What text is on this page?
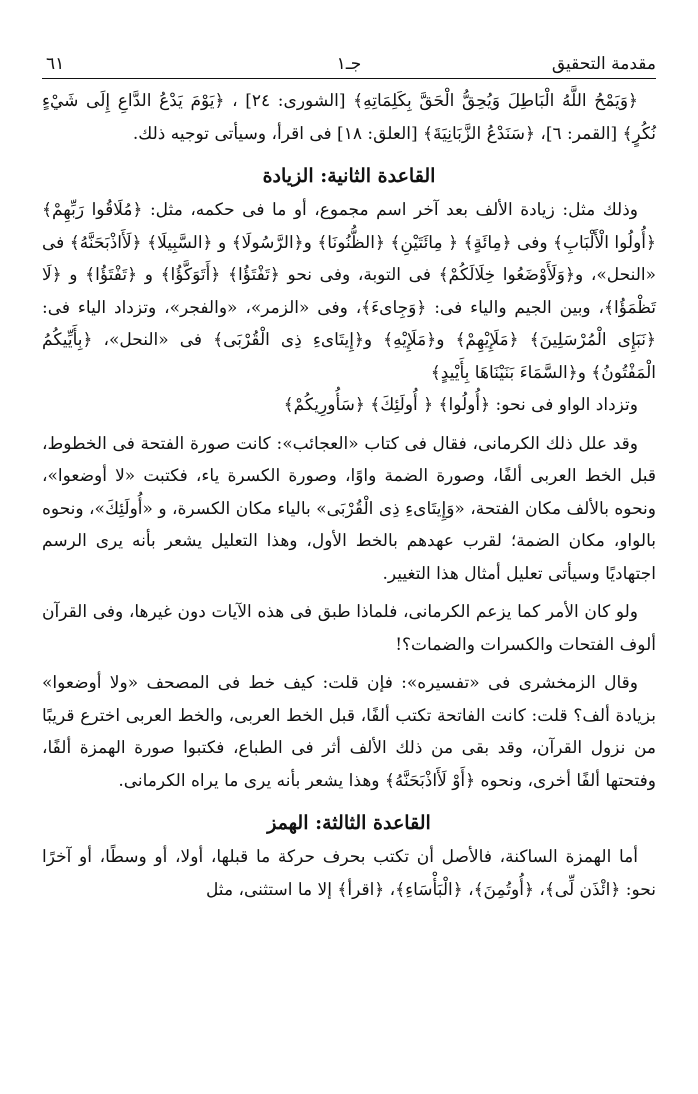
مقدمة التحقيق
جـ١
٦١

﴿وَيَمْحُ اللَّهُ الْبَاطِلَ وَيُحِقُّ الْحَقَّ بِكَلِمَاتِهِ﴾ [الشورى: ٢٤] ، ﴿يَوْمَ يَدْعُ الدَّاعِ إِلَى شَيْءٍ نُكُرٍ﴾ [القمر: ٦]، ﴿سَنَدْعُ الزَّبَانِيَةَ﴾ [العلق: ١٨] فى اقرأ، وسيأتى توجيه ذلك.

القاعدة الثانية: الزيادة

وذلك مثل: زيادة الألف بعد آخر اسم مجموع، أو ما فى حكمه، مثل: ﴿مُلَاقُوا رَبِّهِمْ﴾ ﴿أُولُوا الْأَلْبَابِ﴾ وفى ﴿مِائَةٍ﴾ ﴿ مِائَتَيْنِ﴾ ﴿الظُّنُونَا﴾ و﴿الرَّسُولَا﴾ و ﴿السَّبِيلَا﴾ ﴿لَأَاذْبَحَنَّهُ﴾ فى «النحل»، و﴿وَلَأَوْضَعُوا خِلَالَكُمْ﴾ فى التوبة، وفى نحو ﴿تَفْتَؤُا﴾ ﴿أَتَوَكَّؤُا﴾ و ﴿تَفْتَؤُا﴾ و ﴿لَا تَظْمَؤُا﴾، وبين الجيم والياء فى: ﴿وَجِاىءَ﴾، وفى «الزمر»، «والفجر»، وتزداد الياء فى: ﴿نَبَإِى الْمُرْسَلِينَ﴾ ﴿مَلَإِيْهِمْ﴾ و﴿مَلَإِيْهِ﴾ و﴿إِيتَاىءِ ذِى الْقُرْبَى﴾ فى «النحل»، ﴿بِأَيِّيكُمُ الْمَفْتُونُ﴾ و﴿السَّمَاءَ بَنَيْنَاهَا بِأَيْيدٍ﴾

وتزداد الواو فى نحو: ﴿أُولُوا﴾ ﴿ أُولَئِكَ﴾ ﴿سَأُورِيكُمْ﴾

وقد علل ذلك الكرمانى، فقال فى كتاب «العجائب»: كانت صورة الفتحة فى الخطوط، قبل الخط العربى ألفًا، وصورة الضمة واوًا، وصورة الكسرة ياء، فكتبت «لا أوضعوا»، ونحوه بالألف مكان الفتحة، «وَإِيتَاىءِ ذِى الْقُرْبَى» بالياء مكان الكسرة، و «أُولَئِكَ»، ونحوه بالواو، مكان الضمة؛ لقرب عهدهم بالخط الأول، وهذا التعليل يشعر بأنه يرى الرسم اجتهاديًا وسيأتى تعليل أمثال هذا التغيير.

ولو كان الأمر كما يزعم الكرمانى، فلماذا طبق فى هذه الآيات دون غيرها، وفى القرآن ألوف الفتحات والكسرات والضمات؟!

وقال الزمخشرى فى «تفسيره»: فإن قلت: كيف خط فى المصحف «ولا أوضعوا» بزيادة ألف؟ قلت: كانت الفاتحة تكتب ألفًا، قبل الخط العربى، والخط العربى اخترع قريبًا من نزول القرآن، وقد بقى من ذلك الألف أثر فى الطباع، فكتبوا صورة الهمزة ألفًا، وفتحتها ألفًا أخرى، ونحوه ﴿أَوْ لَأَاذْبَحَنَّهُ﴾ وهذا يشعر بأنه يرى ما يراه الكرمانى.

القاعدة الثالثة: الهمز

أما الهمزة الساكنة، فالأصل أن تكتب بحرف حركة ما قبلها، أولا، أو وسطًا، أو آخرًا نحو: ﴿ائْذَن لِّى﴾، ﴿أُوتُمِنَ﴾، ﴿الْبَأْسَاءِ﴾، ﴿اقرأ﴾ إلا ما استثنى، مثل
